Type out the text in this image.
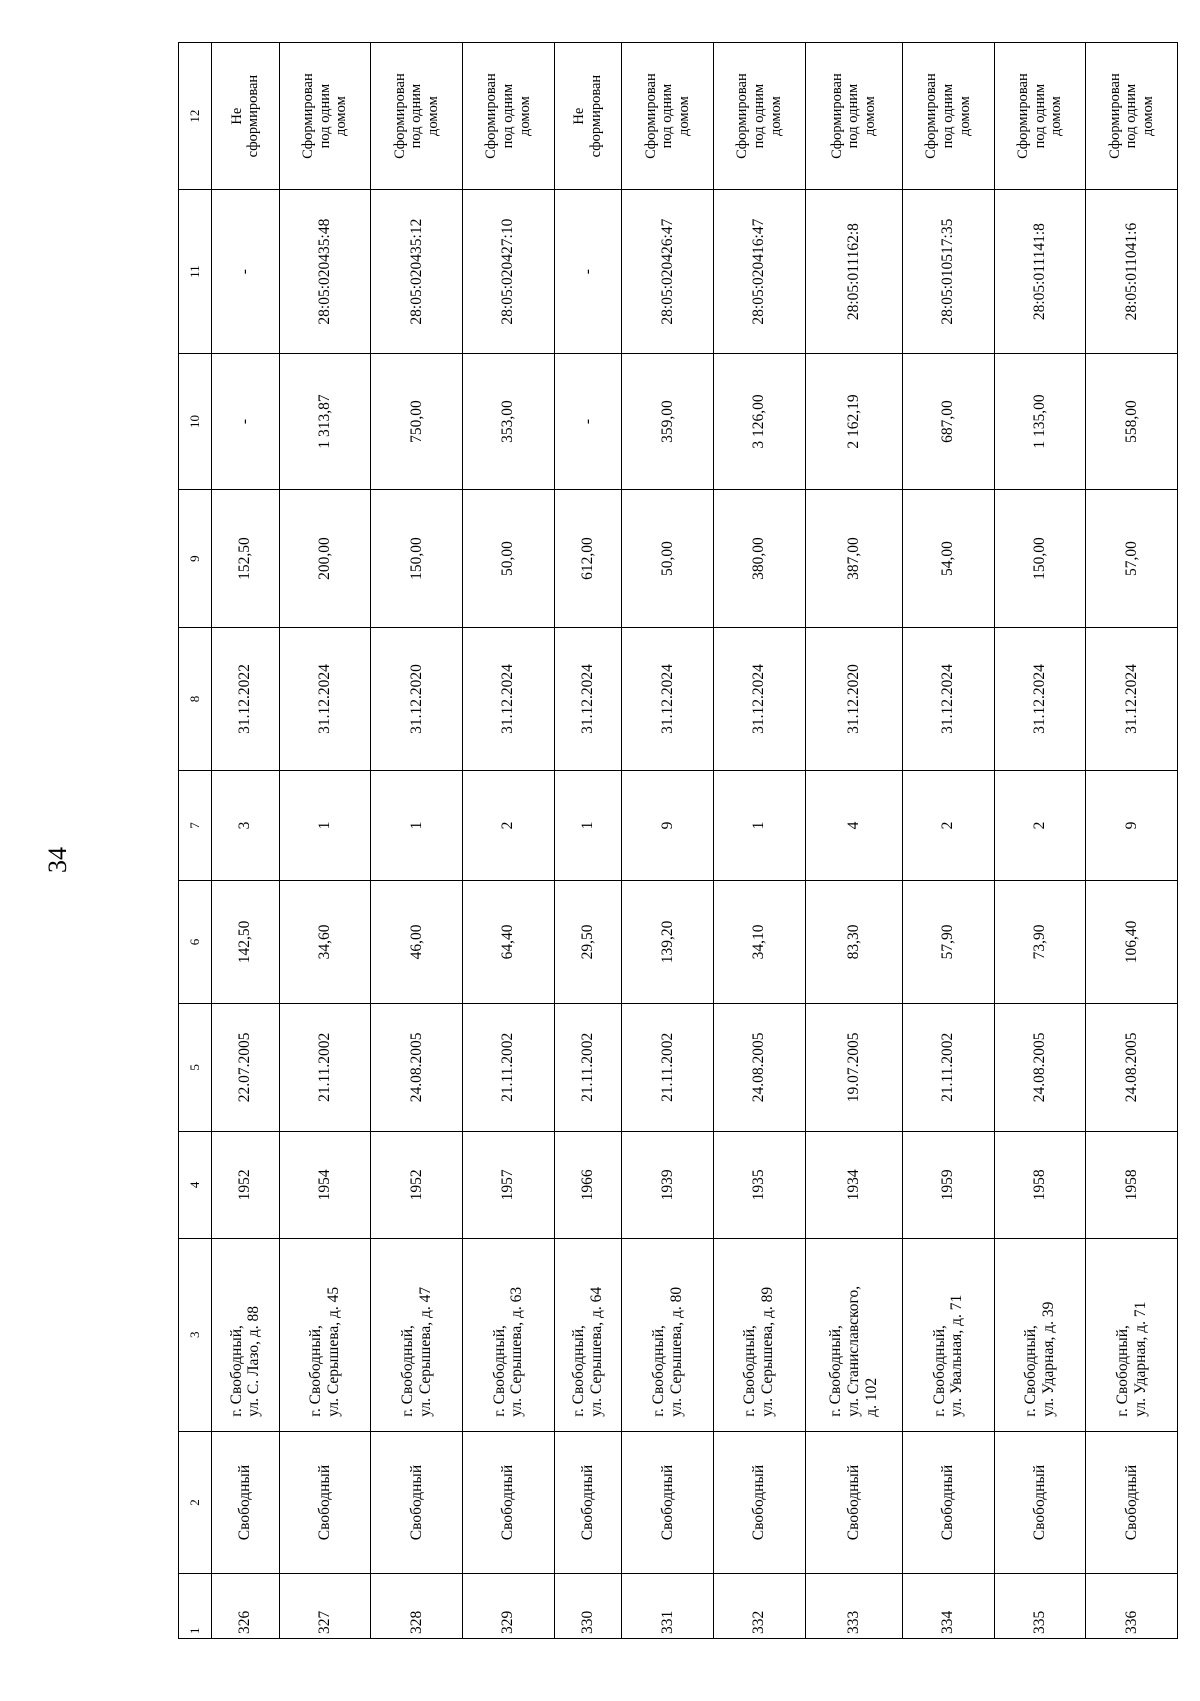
34
1	2	3	4	5	6	7	8	9	10	11	12
326	Свободный	г. Свободный,
ул. С. Лазо, д. 88	1952	22.07.2005	142,50	3	31.12.2022	152,50	-	-	Не
сформирован
327	Свободный	г. Свободный,
ул. Серышева, д. 45	1954	21.11.2002	34,60	1	31.12.2024	200,00	1 313,87	28:05:020435:48	Сформирован
под одним
домом
328	Свободный	г. Свободный,
ул. Серышева, д. 47	1952	24.08.2005	46,00	1	31.12.2020	150,00	750,00	28:05:020435:12	Сформирован
под одним
домом
329	Свободный	г. Свободный,
ул. Серышева, д. 63	1957	21.11.2002	64,40	2	31.12.2024	50,00	353,00	28:05:020427:10	Сформирован
под одним
домом
330	Свободный	г. Свободный,
ул. Серышева, д. 64	1966	21.11.2002	29,50	1	31.12.2024	612,00	-	-	Не
сформирован
331	Свободный	г. Свободный,
ул. Серышева, д. 80	1939	21.11.2002	139,20	9	31.12.2024	50,00	359,00	28:05:020426:47	Сформирован
под одним
домом
332	Свободный	г. Свободный,
ул. Серышева, д. 89	1935	24.08.2005	34,10	1	31.12.2024	380,00	3 126,00	28:05:020416:47	Сформирован
под одним
домом
333	Свободный	г. Свободный,
ул. Станиславского,
д. 102	1934	19.07.2005	83,30	4	31.12.2020	387,00	2 162,19	28:05:011162:8	Сформирован
под одним
домом
334	Свободный	г. Свободный,
ул. Увальная, д. 71	1959	21.11.2002	57,90	2	31.12.2024	54,00	687,00	28:05:010517:35	Сформирован
под одним
домом
335	Свободный	г. Свободный,
ул. Ударная, д. 39	1958	24.08.2005	73,90	2	31.12.2024	150,00	1 135,00	28:05:011141:8	Сформирован
под одним
домом
336	Свободный	г. Свободный,
ул. Ударная, д. 71	1958	24.08.2005	106,40	9	31.12.2024	57,00	558,00	28:05:011041:6	Сформирован
под одним
домом
